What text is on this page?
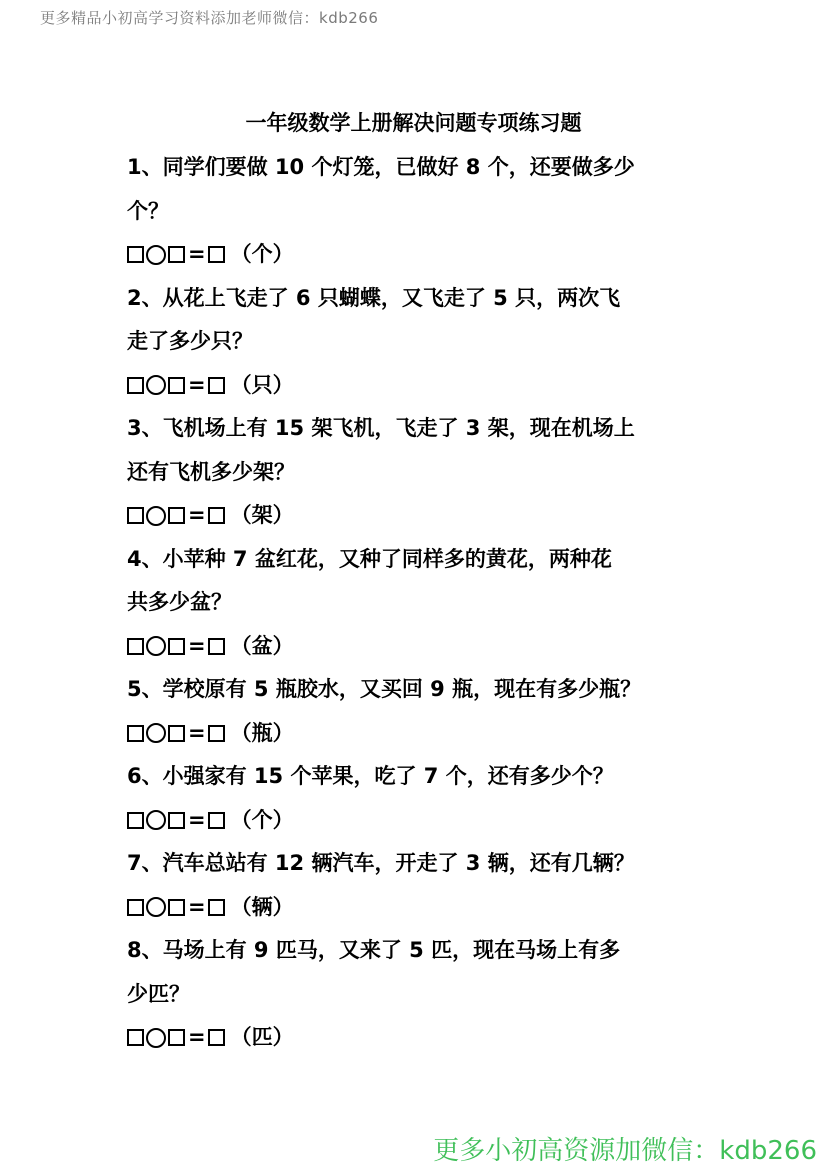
更多精品小初高学习资料添加老师微信：kdb266
一年级数学上册解决问题专项练习题
1、同学们要做 10 个灯笼，已做好 8 个，还要做多少
个？
= （个）
2、从花上飞走了 6 只蝴蝶，又飞走了 5 只，两次飞
走了多少只？
= （只）
3、飞机场上有 15 架飞机，飞走了 3 架，现在机场上
还有飞机多少架？
= （架）
4、小苹种 7 盆红花，又种了同样多的黄花，两种花
共多少盆？
= （盆）
5、学校原有 5 瓶胶水，又买回 9 瓶，现在有多少瓶？
= （瓶）
6、小强家有 15 个苹果，吃了 7 个，还有多少个？
= （个）
7、汽车总站有 12 辆汽车，开走了 3 辆，还有几辆？
= （辆）
8、马场上有 9 匹马，又来了 5 匹，现在马场上有多
少匹？
= （匹）
更多小初高资源加微信：kdb266
